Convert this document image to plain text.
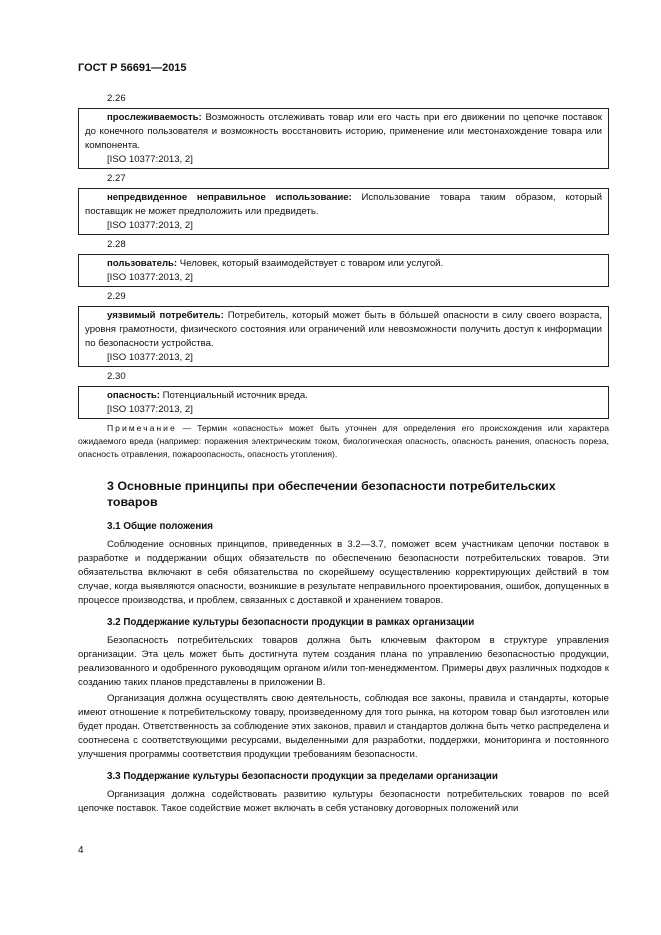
ГОСТ Р 56691—2015
2.26

прослеживаемость: Возможность отслеживать товар или его часть при его движении по цепочке поставок до конечного пользователя и возможность восстановить историю, применение или местонахождение товара или компонента.

[ISO 10377:2013, 2]

2.27

непредвиденное неправильное использование: Использование товара таким образом, который поставщик не может предположить или предвидеть.

[ISO 10377:2013, 2]

2.28

пользователь: Человек, который взаимодействует с товаром или услугой.

[ISO 10377:2013, 2]

2.29

уязвимый потребитель: Потребитель, который может быть в бóльшей опасности в силу своего возраста, уровня грамотности, физического состояния или ограничений или невозможности получить доступ к информации по безопасности устройства.

[ISO 10377:2013, 2]

2.30

опасность: Потенциальный источник вреда.

[ISO 10377:2013, 2]

Примечание — Термин «опасность» может быть уточнен для определения его происхождения или характера ожидаемого вреда (например: поражения электрическим током, биологическая опасность, опасность ранения, опасность пореза, опасность отравления, пожароопасность, опасность утопления).

3 Основные принципы при обеспечении безопасности потребительских товаров
3.1 Общие положения

Соблюдение основных принципов, приведенных в 3.2—3.7, поможет всем участникам цепочки поставок в разработке и поддержании общих обязательств по обеспечению безопасности потребительских товаров. Эти обязательства включают в себя обязательства по скорейшему осуществлению корректирующих действий в том случае, когда выявляются опасности, возникшие в результате неправильного проектирования, ошибок, допущенных в процессе производства, и проблем, связанных с доставкой и хранением товаров.

3.2 Поддержание культуры безопасности продукции в рамках организации

Безопасность потребительских товаров должна быть ключевым фактором в структуре управления организации. Эта цель может быть достигнута путем создания плана по управлению безопасностью продукции, реализованного и одобренного руководящим органом и/или топ-менеджментом. Примеры двух различных подходов к созданию таких планов представлены в приложении В.

Организация должна осуществлять свою деятельность, соблюдая все законы, правила и стандарты, которые имеют отношение к потребительскому товару, произведенному для того рынка, на котором товар был изготовлен или будет продан. Ответственность за соблюдение этих законов, правил и стандартов должна быть четко распределена и соотнесена с соответствующими ресурсами, выделенными для разработки, поддержки, мониторинга и постоянного улучшения программы соответствия продукции требованиям безопасности.

3.3 Поддержание культуры безопасности продукции за пределами организации

Организация должна содействовать развитию культуры безопасности потребительских товаров по всей цепочке поставок. Такое содействие может включать в себя установку договорных положений или

4
